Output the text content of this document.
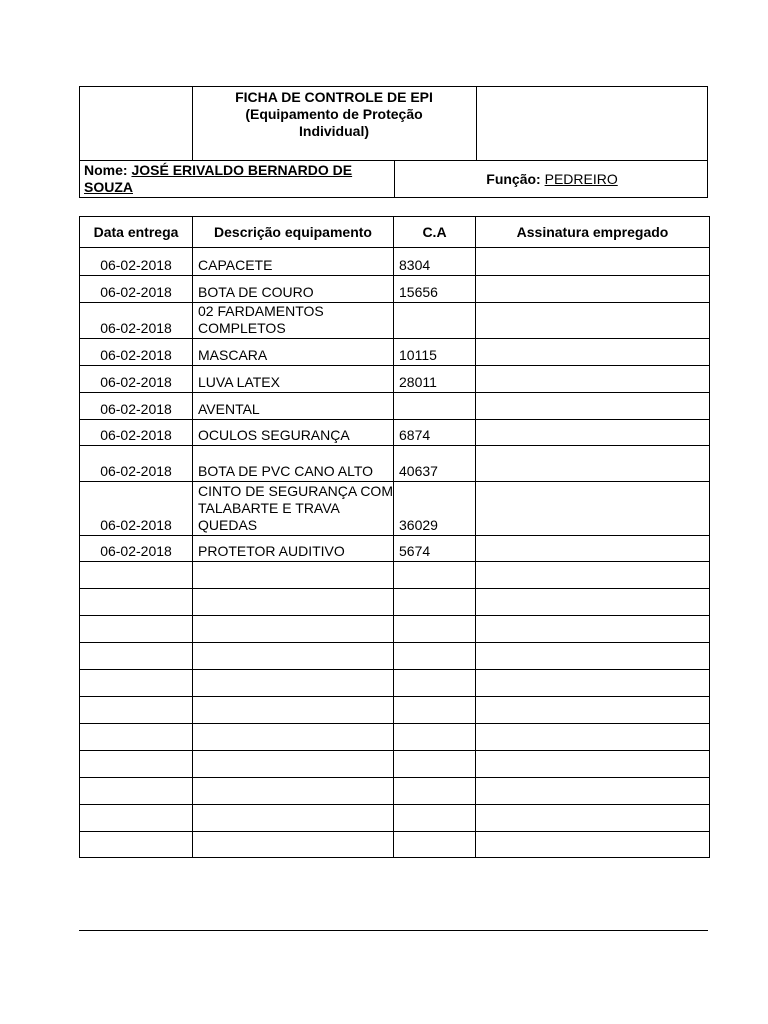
FICHA DE CONTROLE DE EPI
(Equipamento de Proteção
Individual)
Nome: JOSÉ ERIVALDO BERNARDO DE SOUZA	Função: PEDREIRO
Data entrega	Descrição equipamento	C.A	Assinatura empregado
06-02-2018	CAPACETE	8304	
06-02-2018	BOTA DE COURO	15656	
06-02-2018	02 FARDAMENTOS COMPLETOS		
06-02-2018	MASCARA	10115	
06-02-2018	LUVA LATEX	28011	
06-02-2018	AVENTAL		
06-02-2018	OCULOS SEGURANÇA	6874	
06-02-2018	BOTA DE PVC CANO ALTO	40637	
06-02-2018	CINTO DE SEGURANÇA COM TALABARTE E TRAVA QUEDAS	36029	
06-02-2018	PROTETOR AUDITIVO	5674	
